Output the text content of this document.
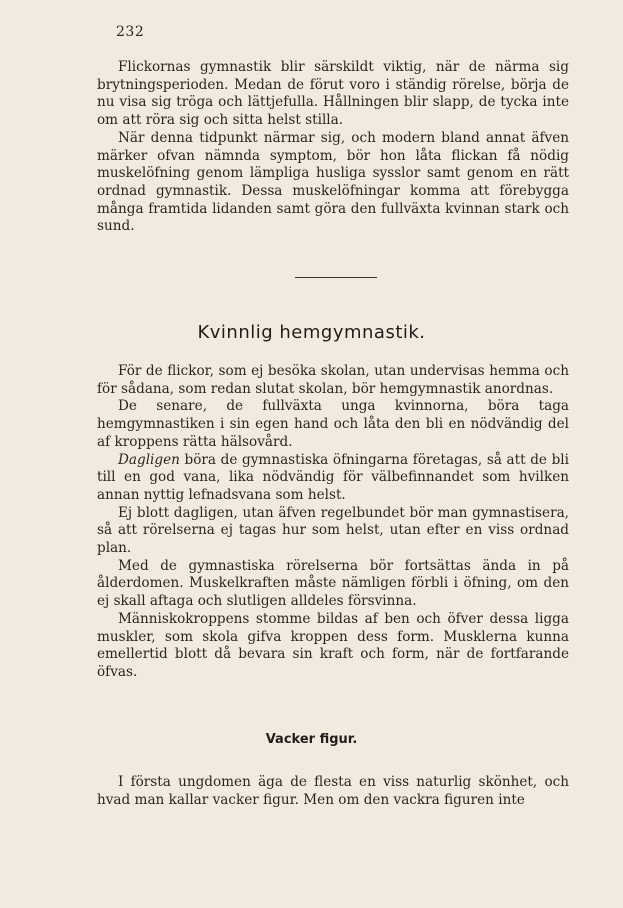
232

Flickornas gymnastik blir särskildt viktig, när de närma sig brytningsperioden. Medan de förut voro i ständig rörelse, börja de nu visa sig tröga och lättjefulla. Hållningen blir slapp, de tycka inte om att röra sig och sitta helst stilla.

När denna tidpunkt närmar sig, och modern bland annat äfven märker ofvan nämnda symptom, bör hon låta flickan få nödig muskelöfning genom lämpliga husliga sysslor samt genom en rätt ordnad gymnastik. Dessa muskelöfningar komma att förebygga många framtida lidanden samt göra den fullväxta kvinnan stark och sund.

Kvinnlig hemgymnastik.

För de flickor, som ej besöka skolan, utan undervisas hemma och för sådana, som redan slutat skolan, bör hemgymnastik anordnas.

De senare, de fullväxta unga kvinnorna, böra taga hemgymnastiken i sin egen hand och låta den bli en nödvändig del af kroppens rätta hälsovård.

Dagligen böra de gymnastiska öfningarna företagas, så att de bli till en god vana, lika nödvändig för välbefinnandet som hvilken annan nyttig lefnadsvana som helst.

Ej blott dagligen, utan äfven regelbundet bör man gymnastisera, så att rörelserna ej tagas hur som helst, utan efter en viss ordnad plan.

Med de gymnastiska rörelserna bör fortsättas ända in på ålderdomen. Muskelkraften måste nämligen förbli i öfning, om den ej skall aftaga och slutligen alldeles försvinna.

Människokroppens stomme bildas af ben och öfver dessa ligga muskler, som skola gifva kroppen dess form. Musklerna kunna emellertid blott då bevara sin kraft och form, när de fortfarande öfvas.

Vacker figur.

I första ungdomen äga de flesta en viss naturlig skönhet, och hvad man kallar vacker figur. Men om den vackra figuren inte
